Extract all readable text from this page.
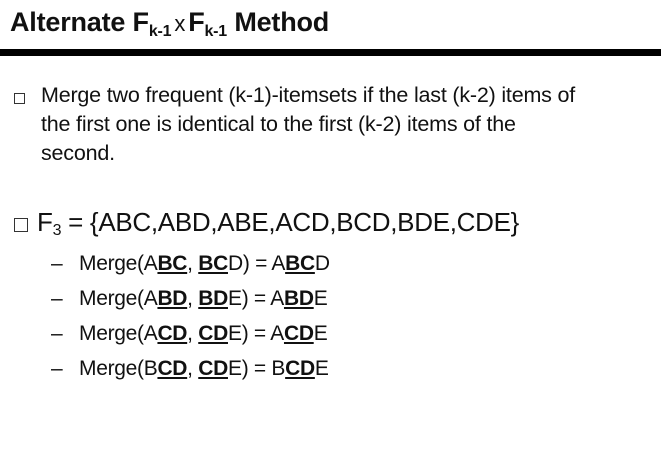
Alternate $F_{k-1}$ x $F_{k-1}$ Method
Merge two frequent (k-1)-itemsets if the last (k-2) items of
the first one is identical to the first (k-2) items of the
second.
$F_3 = \{ABC,ABD,ABE,ACD,BCD,BDE,CDE\}$
– Merge(ABC, BCD) = ABCD
– Merge(ABD, BDE) = ABDE
– Merge(ACD, CDE) = ACDE
– Merge(BCD, CDE) = BCDE
